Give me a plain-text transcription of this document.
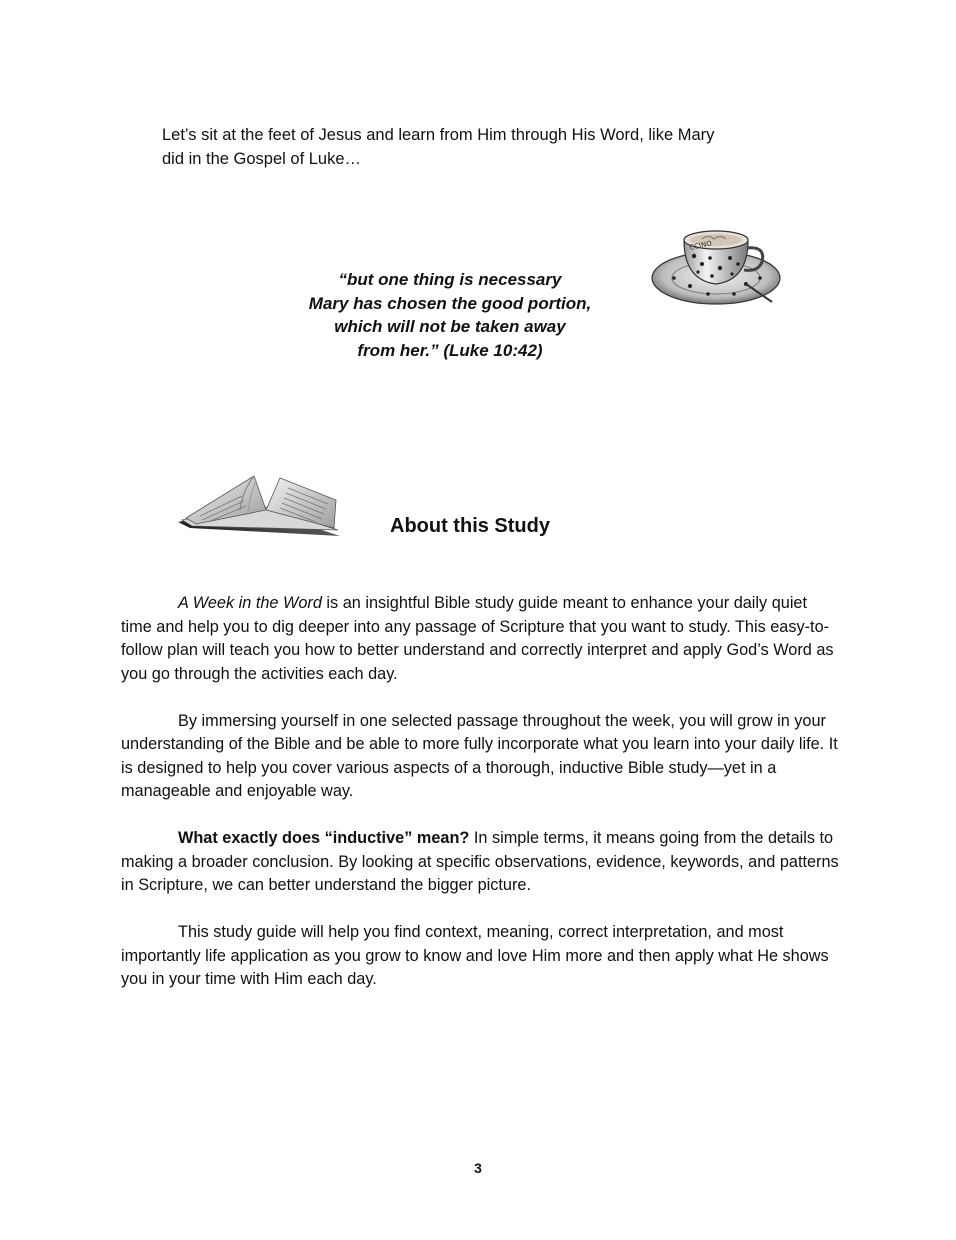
Let’s sit at the feet of Jesus and learn from Him through His Word, like Mary
did in the Gospel of Luke…

“but one thing is necessary
Mary has chosen the good portion,
which will not be taken away
from her.” (Luke 10:42)
CCINO
About this Study

A Week in the Word is an insightful Bible study guide meant to enhance your daily quiet time and help you to dig deeper into any passage of Scripture that you want to study. This easy-to-follow plan will teach you how to better understand and correctly interpret and apply God’s Word as you go through the activities each day.

By immersing yourself in one selected passage throughout the week, you will grow in your understanding of the Bible and be able to more fully incorporate what you learn into your daily life. It is designed to help you cover various aspects of a thorough, inductive Bible study—yet in a manageable and enjoyable way.

What exactly does “inductive” mean? In simple terms, it means going from the details to making a broader conclusion. By looking at specific observations, evidence, keywords, and patterns in Scripture, we can better understand the bigger picture.

This study guide will help you find context, meaning, correct interpretation, and most importantly life application as you grow to know and love Him more and then apply what He shows you in your time with Him each day.

3
